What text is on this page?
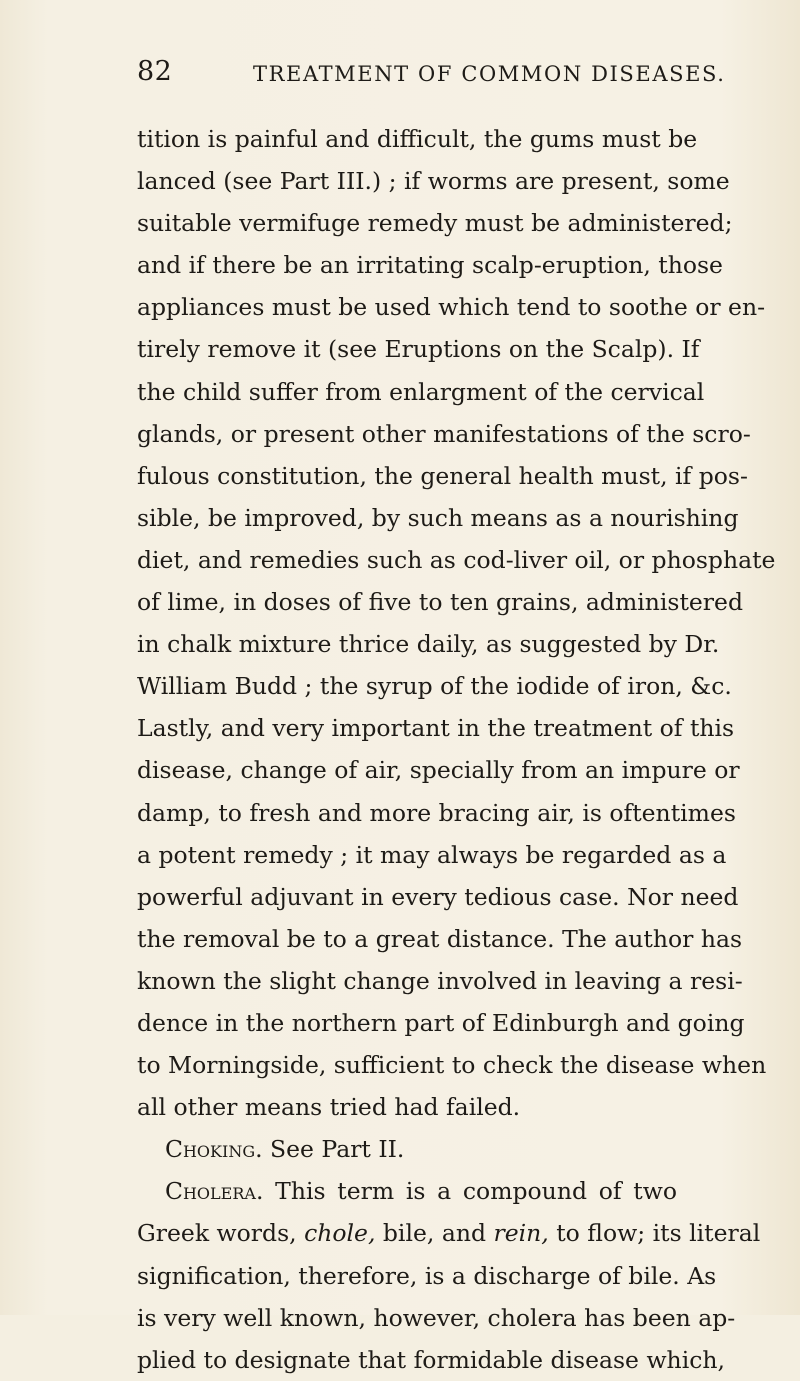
82	TREATMENT OF COMMON DISEASES.
tition is painful and difficult, the gums must be
lanced (see Part III.) ; if worms are present, some
suitable vermifuge remedy must be administered;
and if there be an irritating scalp-eruption, those
appliances must be used which tend to soothe or en-
tirely remove it (see Eruptions on the Scalp). If
the child suffer from enlargment of the cervical
glands, or present other manifestations of the scro-
fulous constitution, the general health must, if pos-
sible, be improved, by such means as a nourishing
diet, and remedies such as cod-liver oil, or phosphate
of lime, in doses of five to ten grains, administered
in chalk mixture thrice daily, as suggested by Dr.
William Budd ; the syrup of the iodide of iron, &c.
Lastly, and very important in the treatment of this
disease, change of air, specially from an impure or
damp, to fresh and more bracing air, is oftentimes
a potent remedy ; it may always be regarded as a
powerful adjuvant in every tedious case. Nor need
the removal be to a great distance. The author has
known the slight change involved in leaving a resi-
dence in the northern part of Edinburgh and going
to Morningside, sufficient to check the disease when
all other means tried had failed.
Choking. See Part II.
Cholera. This term is a compound of two
Greek words, chole, bile, and rein, to flow; its literal
signification, therefore, is a discharge of bile. As
is very well known, however, cholera has been ap-
plied to designate that formidable disease which,
